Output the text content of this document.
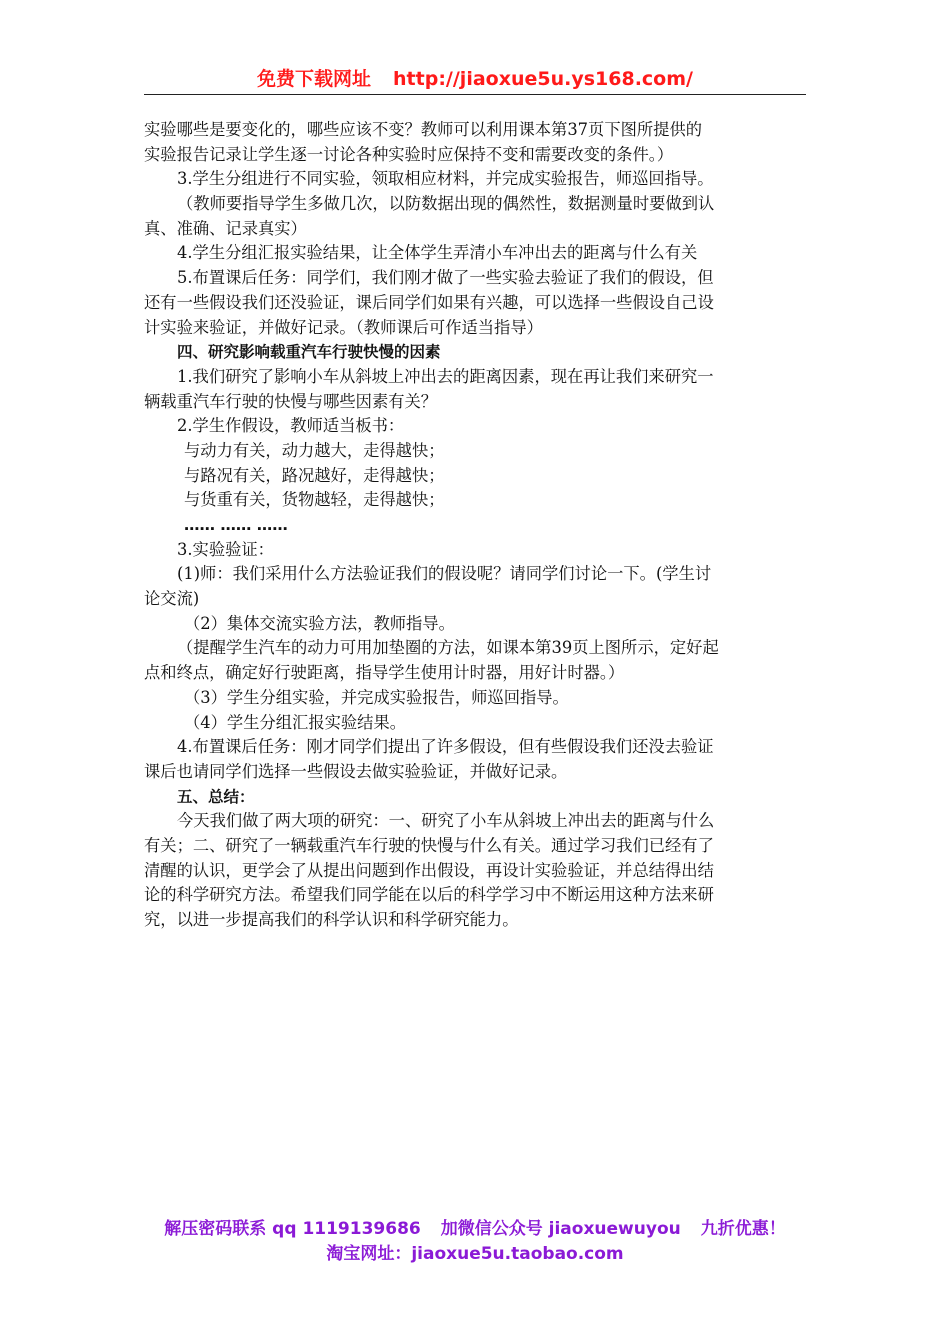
免费下载网址 http://jiaoxue5u.ys168.com/
实验哪些是要变化的，哪些应该不变？教师可以利用课本第37页下图所提供的
实验报告记录让学生逐一讨论各种实验时应保持不变和需要改变的条件。）
3.学生分组进行不同实验，领取相应材料，并完成实验报告，师巡回指导。
（教师要指导学生多做几次，以防数据出现的偶然性，数据测量时要做到认
真、准确、记录真实）
4.学生分组汇报实验结果，让全体学生弄清小车冲出去的距离与什么有关
5.布置课后任务：同学们，我们刚才做了一些实验去验证了我们的假设，但
还有一些假设我们还没验证，课后同学们如果有兴趣，可以选择一些假设自己设
计实验来验证，并做好记录。（教师课后可作适当指导）
四、研究影响载重汽车行驶快慢的因素
1.我们研究了影响小车从斜坡上冲出去的距离因素，现在再让我们来研究一
辆载重汽车行驶的快慢与哪些因素有关？
2.学生作假设，教师适当板书：
与动力有关，动力越大，走得越快；
与路况有关，路况越好，走得越快；
与货重有关，货物越轻，走得越快；
…… …… ……
3.实验验证：
(1)师：我们采用什么方法验证我们的假设呢？请同学们讨论一下。(学生讨
论交流)
（2）集体交流实验方法，教师指导。
（提醒学生汽车的动力可用加垫圈的方法，如课本第39页上图所示，定好起
点和终点，确定好行驶距离，指导学生使用计时器，用好计时器。）
（3）学生分组实验，并完成实验报告，师巡回指导。
（4）学生分组汇报实验结果。
4.布置课后任务：刚才同学们提出了许多假设，但有些假设我们还没去验证
课后也请同学们选择一些假设去做实验验证，并做好记录。
五、总结：
今天我们做了两大项的研究：一、研究了小车从斜坡上冲出去的距离与什么
有关；二、研究了一辆载重汽车行驶的快慢与什么有关。通过学习我们已经有了
清醒的认识，更学会了从提出问题到作出假设，再设计实验验证，并总结得出结
论的科学研究方法。希望我们同学能在以后的科学学习中不断运用这种方法来研
究，以进一步提高我们的科学认识和科学研究能力。
解压密码联系 qq 1119139686 加微信公众号 jiaoxuewuyou 九折优惠！
淘宝网址：jiaoxue5u.taobao.com
